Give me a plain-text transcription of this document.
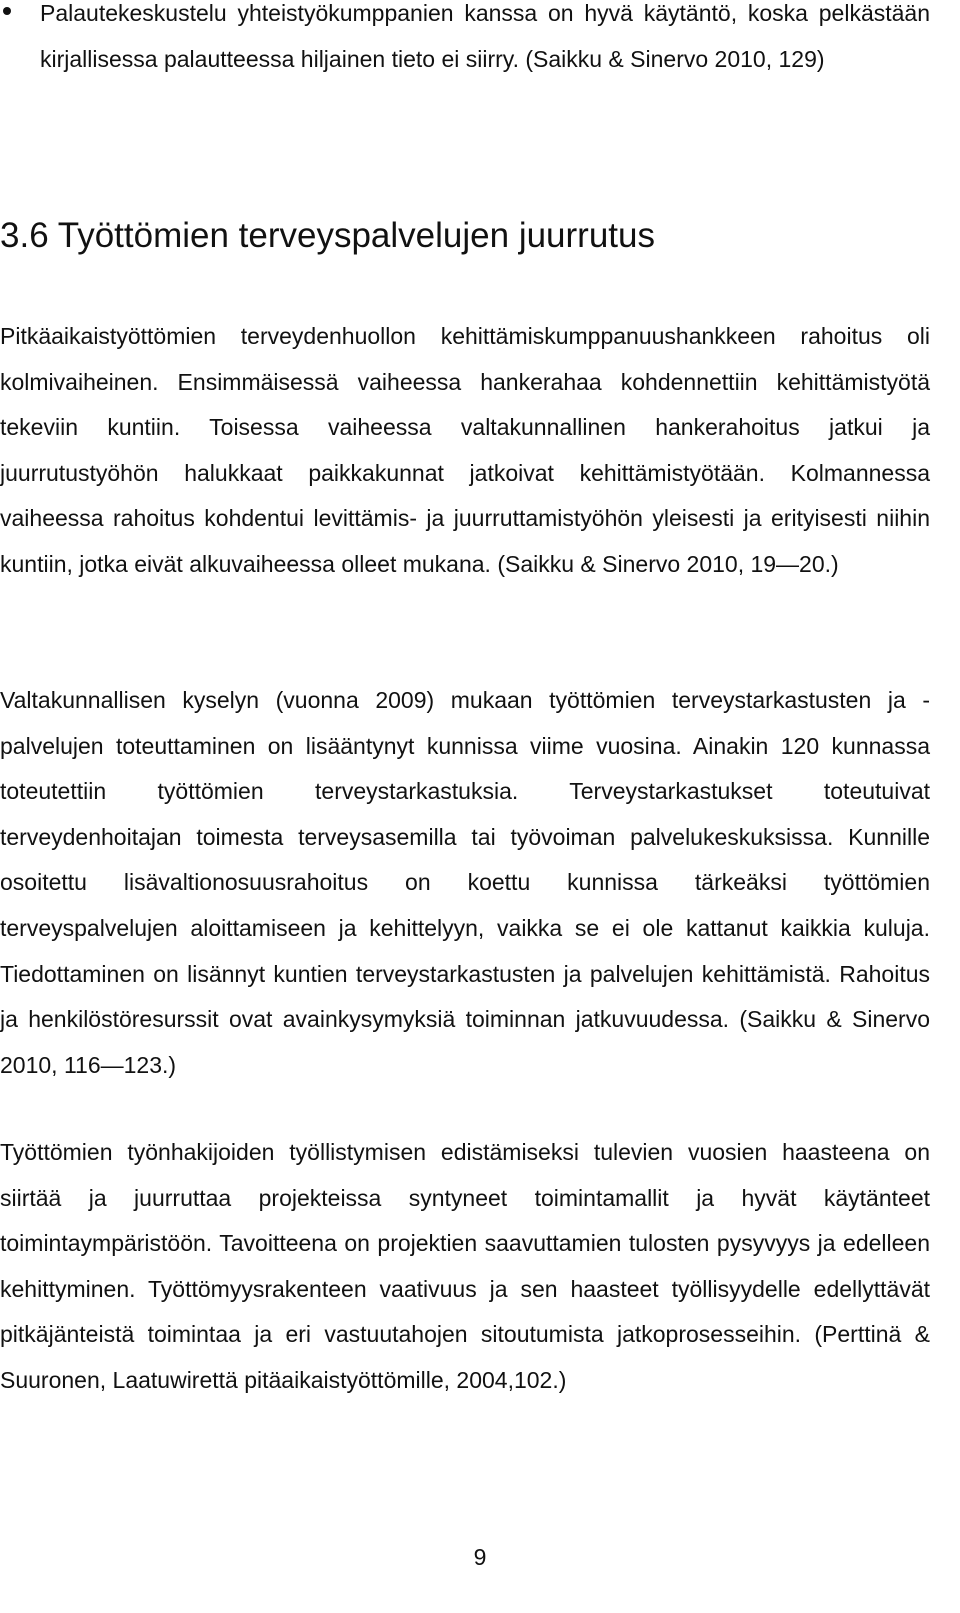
Palautekeskustelu yhteistyökumppanien kanssa on hyvä käytäntö, koska pelkästään kirjallisessa palautteessa hiljainen tieto ei siirry. (Saikku & Sinervo 2010, 129)
3.6 Työttömien terveyspalvelujen juurrutus

Pitkäaikaistyöttömien terveydenhuollon kehittämiskumppanuushankkeen rahoitus oli kolmivaiheinen. Ensimmäisessä vaiheessa hankerahaa kohdennettiin kehittämistyötä tekeviin kuntiin. Toisessa vaiheessa valtakunnallinen hankerahoitus jatkui ja juurrutustyöhön halukkaat paikkakunnat jatkoivat kehittämistyötään. Kolmannessa vaiheessa rahoitus kohdentui levittämis- ja juurruttamistyöhön yleisesti ja erityisesti niihin kuntiin, jotka eivät alkuvaiheessa olleet mukana. (Saikku & Sinervo 2010, 19—20.)

Valtakunnallisen kyselyn (vuonna 2009) mukaan työttömien terveystarkastusten ja -palvelujen toteuttaminen on lisääntynyt kunnissa viime vuosina. Ainakin 120 kunnassa toteutettiin työttömien terveystarkastuksia. Terveystarkastukset toteutuivat terveydenhoitajan toimesta terveysasemilla tai työvoiman palvelukeskuksissa. Kunnille osoitettu lisävaltionosuusrahoitus on koettu kunnissa tärkeäksi työttömien terveyspalvelujen aloittamiseen ja kehittelyyn, vaikka se ei ole kattanut kaikkia kuluja. Tiedottaminen on lisännyt kuntien terveystarkastusten ja palvelujen kehittämistä. Rahoitus ja henkilöstöresurssit ovat avainkysymyksiä toiminnan jatkuvuudessa. (Saikku & Sinervo 2010, 116—123.)

Työttömien työnhakijoiden työllistymisen edistämiseksi tulevien vuosien haasteena on siirtää ja juurruttaa projekteissa syntyneet toimintamallit ja hyvät käytänteet toimintaympäristöön. Tavoitteena on projektien saavuttamien tulosten pysyvyys ja edelleen kehittyminen. Työttömyysrakenteen vaativuus ja sen haasteet työllisyydelle edellyttävät pitkäjänteistä toimintaa ja eri vastuutahojen sitoutumista jatkoprosesseihin. (Perttinä & Suuronen, Laatuwirettä pitäaikaistyöttömille, 2004,102.)

9
